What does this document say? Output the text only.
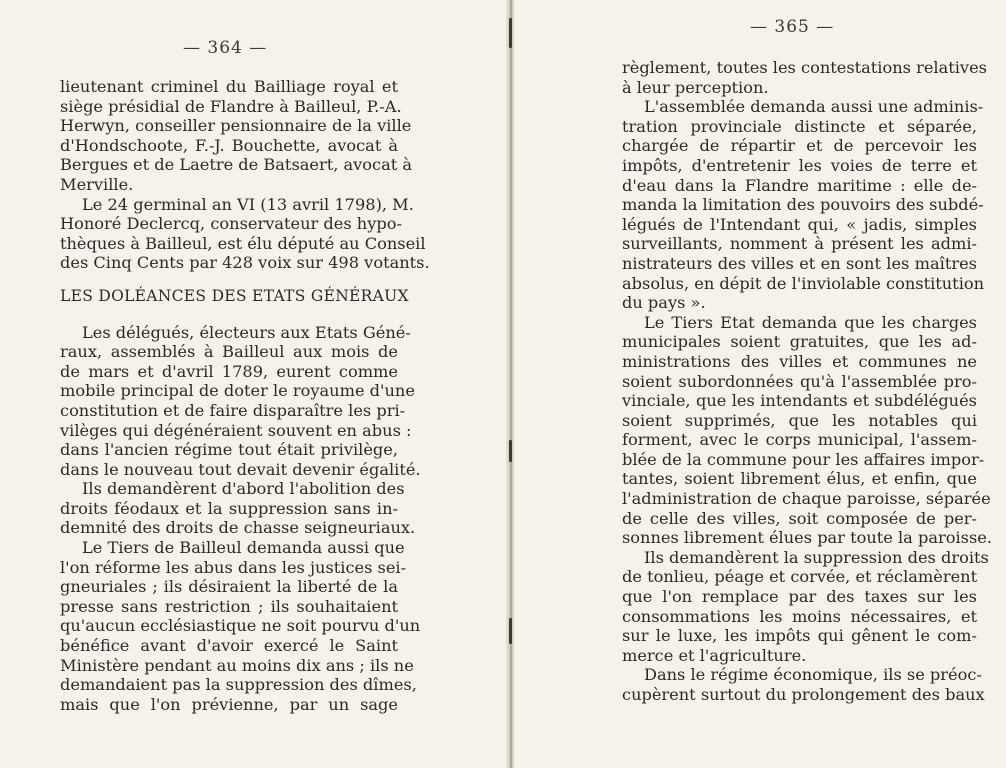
— 364 —
lieutenant criminel du Bailliage royal et
siège présidial de Flandre à Bailleul, P.-A.
Herwyn, conseiller pensionnaire de la ville
d'Hondschoote, F.-J. Bouchette, avocat à
Bergues et de Laetre de Batsaert, avocat à
Merville.
Le 24 germinal an VI (13 avril 1798), M.
Honoré Declercq, conservateur des hypo-
thèques à Bailleul, est élu député au Conseil
des Cinq Cents par 428 voix sur 498 votants.
LES DOLÉANCES DES ETATS GÉNÉRAUX
Les délégués, électeurs aux Etats Géné-
raux, assemblés à Bailleul aux mois de
de mars et d'avril 1789, eurent comme
mobile principal de doter le royaume d'une
constitution et de faire disparaître les pri-
vilèges qui dégénéraient souvent en abus :
dans l'ancien régime tout était privilège,
dans le nouveau tout devait devenir égalité.
Ils demandèrent d'abord l'abolition des
droits féodaux et la suppression sans in-
demnité des droits de chasse seigneuriaux.
Le Tiers de Bailleul demanda aussi que
l'on réforme les abus dans les justices sei-
gneuriales ; ils désiraient la liberté de la
presse sans restriction ; ils souhaitaient
qu'aucun ecclésiastique ne soit pourvu d'un
bénéfice avant d'avoir exercé le Saint
Ministère pendant au moins dix ans ; ils ne
demandaient pas la suppression des dîmes,
mais que l'on prévienne, par un sage
— 365 —
règlement, toutes les contestations relatives
à leur perception.
L'assemblée demanda aussi une adminis-
tration provinciale distincte et séparée,
chargée de répartir et de percevoir les
impôts, d'entretenir les voies de terre et
d'eau dans la Flandre maritime : elle de-
manda la limitation des pouvoirs des subdé-
légués de l'Intendant qui, « jadis, simples
surveillants, nomment à présent les admi-
nistrateurs des villes et en sont les maîtres
absolus, en dépit de l'inviolable constitution
du pays ».
Le Tiers Etat demanda que les charges
municipales soient gratuites, que les ad-
ministrations des villes et communes ne
soient subordonnées qu'à l'assemblée pro-
vinciale, que les intendants et subdélégués
soient supprimés, que les notables qui
forment, avec le corps municipal, l'assem-
blée de la commune pour les affaires impor-
tantes, soient librement élus, et enfin, que
l'administration de chaque paroisse, séparée
de celle des villes, soit composée de per-
sonnes librement élues par toute la paroisse.
Ils demandèrent la suppression des droits
de tonlieu, péage et corvée, et réclamèrent
que l'on remplace par des taxes sur les
consommations les moins nécessaires, et
sur le luxe, les impôts qui gênent le com-
merce et l'agriculture.
Dans le régime économique, ils se préoc-
cupèrent surtout du prolongement des baux
